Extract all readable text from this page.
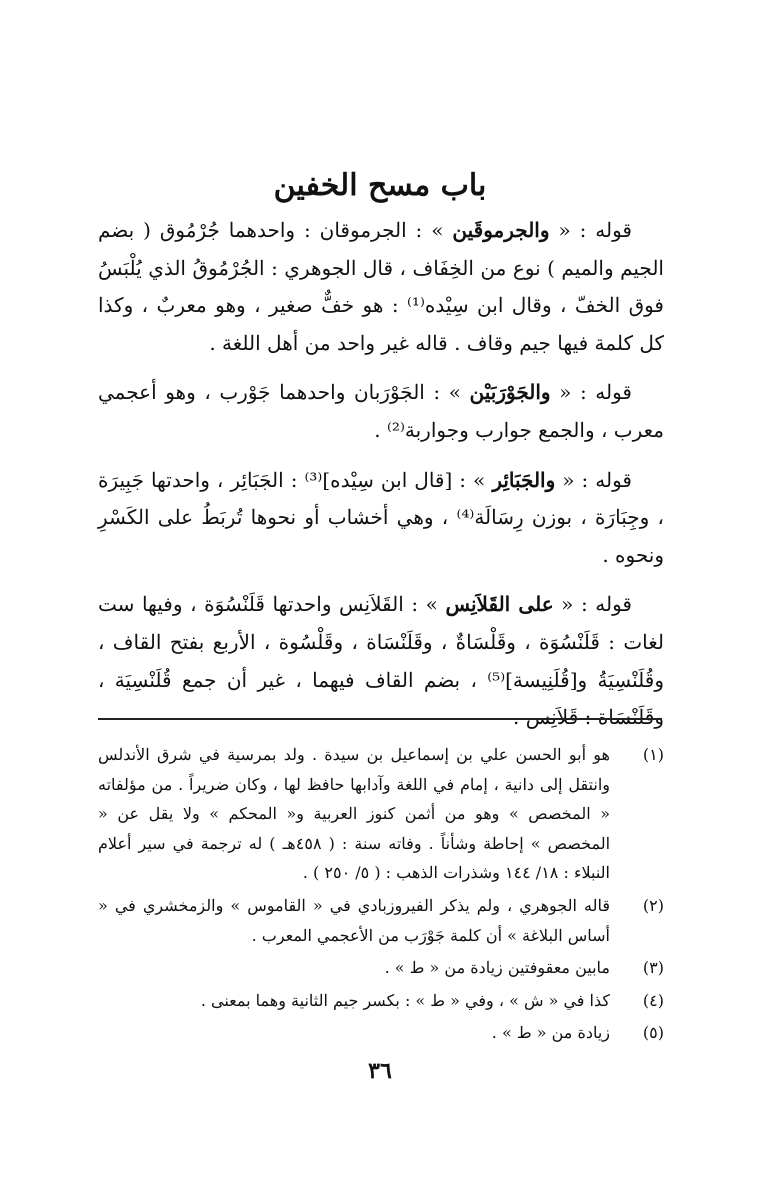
باب مسح الخفين

قوله : « والجرموقَين » : الجرموقان : واحدهما جُرْمُوق ( بضم الجيم والميم ) نوع من الخِفَاف ، قال الجوهري : الجُرْمُوقُ الذي يُلْبَسُ فوق الخفّ ، وقال ابن سِيْده⁽¹⁾ : هو خفٌّ صغير ، وهو معربٌ ، وكذا كل كلمة فيها جيم وقاف . قاله غير واحد من أهل اللغة .

قوله : « والجَوْرَبَيْن » : الجَوْرَبان واحدهما جَوْرب ، وهو أعجمي معرب ، والجمع جوارب وجواربة⁽²⁾ .

قوله : « والجَبَائِر » : [قال ابن سِيْده]⁽³⁾ : الجَبَائِر ، واحدتها جَبِيرَة ، وجِبَارَة ، بوزن رِسَالَة⁽⁴⁾ ، وهي أخشاب أو نحوها تُربَطُ على الكَسْرِ ونحوه .

قوله : « على القَلاَنِس » : القَلاَنِس واحدتها قَلَنْسُوَة ، وفيها ست لغات : قَلَنْسُوَة ، وقَلْسَاةٌ ، وقَلَنْسَاة ، وقَلْسُوة ، الأربع بفتح القاف ، وقُلَنْسِيَةُ و[قُلَنِيسة]⁽⁵⁾ ، بضم القاف فيهما ، غير أن جمع قُلَنْسِيَة ، وقَلَنْسَاة : قَلاَنِس .

(١)
هو أبو الحسن علي بن إسماعيل بن سيدة . ولد بمرسية في شرق الأندلس وانتقل إلى دانية ، إمام في اللغة وآدابها حافظ لها ، وكان ضريراً . من مؤلفاته « المخصص » وهو من أثمن كنوز العربية و« المحكم » ولا يقل عن « المخصص » إحاطة وشأناً . وفاته سنة : ( ٤٥٨هـ ) له ترجمة في سير أعلام النبلاء : ١٨/ ١٤٤ وشذرات الذهب : ( ٥/ ٢٥٠ ) .
(٢)
قاله الجوهري ، ولم يذكر الفيروزبادي في « القاموس » والزمخشري في « أساس البلاغة » أن كلمة جَوْرَب من الأعجمي المعرب .
(٣)
مابين معقوفتين زيادة من « ط » .
(٤)
كذا في « ش » ، وفي « ط » : بكسر جيم الثانية وهما بمعنى .
(٥)
زيادة من « ط » .
٣٦
